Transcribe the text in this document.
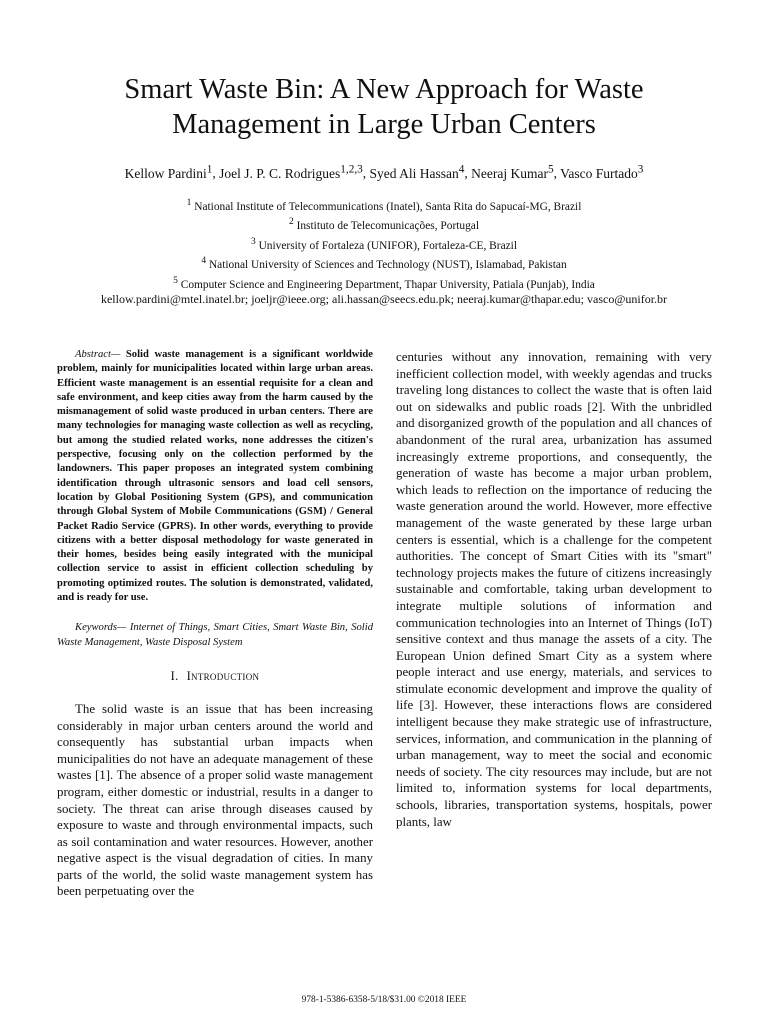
Smart Waste Bin: A New Approach for Waste Management in Large Urban Centers
Kellow Pardini$^1$, Joel J. P. C. Rodrigues$^{1,2,3}$, Syed Ali Hassan$^4$, Neeraj Kumar$^5$, Vasco Furtado$^3$
$^1$ National Institute of Telecommunications (Inatel), Santa Rita do Sapucaí-MG, Brazil
$^2$ Instituto de Telecomunicações, Portugal
$^3$ University of Fortaleza (UNIFOR), Fortaleza-CE, Brazil
$^4$ National University of Sciences and Technology (NUST), Islamabad, Pakistan
$^5$ Computer Science and Engineering Department, Thapar University, Patiala (Punjab), India
kellow.pardini@mtel.inatel.br; joeljr@ieee.org; ali.hassan@seecs.edu.pk; neeraj.kumar@thapar.edu; vasco@unifor.br

Abstract— Solid waste management is a significant worldwide problem, mainly for municipalities located within large urban areas. Efficient waste management is an essential requisite for a clean and safe environment, and keep cities away from the harm caused by the mismanagement of solid waste produced in urban centers. There are many technologies for managing waste collection as well as recycling, but among the studied related works, none addresses the citizen's perspective, focusing only on the collection performed by the landowners. This paper proposes an integrated system combining identification through ultrasonic sensors and load cell sensors, location by Global Positioning System (GPS), and communication through Global System of Mobile Communications (GSM) / General Packet Radio Service (GPRS). In other words, everything to provide citizens with a better disposal methodology for waste generated in their homes, besides being easily integrated with the municipal collection service to assist in efficient collection scheduling by promoting optimized routes. The solution is demonstrated, validated, and is ready for use.

Keywords— Internet of Things, Smart Cities, Smart Waste Bin, Solid Waste Management, Waste Disposal System

I. Introduction

The solid waste is an issue that has been increasing considerably in major urban centers around the world and consequently has substantial urban impacts when municipalities do not have an adequate management of these wastes [1]. The absence of a proper solid waste management program, either domestic or industrial, results in a danger to society. The threat can arise through diseases caused by exposure to waste and through environmental impacts, such as soil contamination and water resources. However, another negative aspect is the visual degradation of cities. In many parts of the world, the solid waste management system has been perpetuating over the

centuries without any innovation, remaining with very inefficient collection model, with weekly agendas and trucks traveling long distances to collect the waste that is often laid out on sidewalks and public roads [2]. With the unbridled and disorganized growth of the population and all chances of abandonment of the rural area, urbanization has assumed increasingly extreme proportions, and consequently, the generation of waste has become a major urban problem, which leads to reflection on the importance of reducing the waste generation around the world. However, more effective management of the waste generated by these large urban centers is essential, which is a challenge for the competent authorities. The concept of Smart Cities with its "smart" technology projects makes the future of citizens increasingly sustainable and comfortable, taking urban development to integrate multiple solutions of information and communication technologies into an Internet of Things (IoT) sensitive context and thus manage the assets of a city. The European Union defined Smart City as a system where people interact and use energy, materials, and services to stimulate economic development and improve the quality of life [3]. However, these interactions flows are considered intelligent because they make strategic use of infrastructure, services, information, and communication in the planning of urban management, way to meet the social and economic needs of society. The city resources may include, but are not limited to, information systems for local departments, schools, libraries, transportation systems, hospitals, power plants, law

978-1-5386-6358-5/18/$31.00 ©2018 IEEE
